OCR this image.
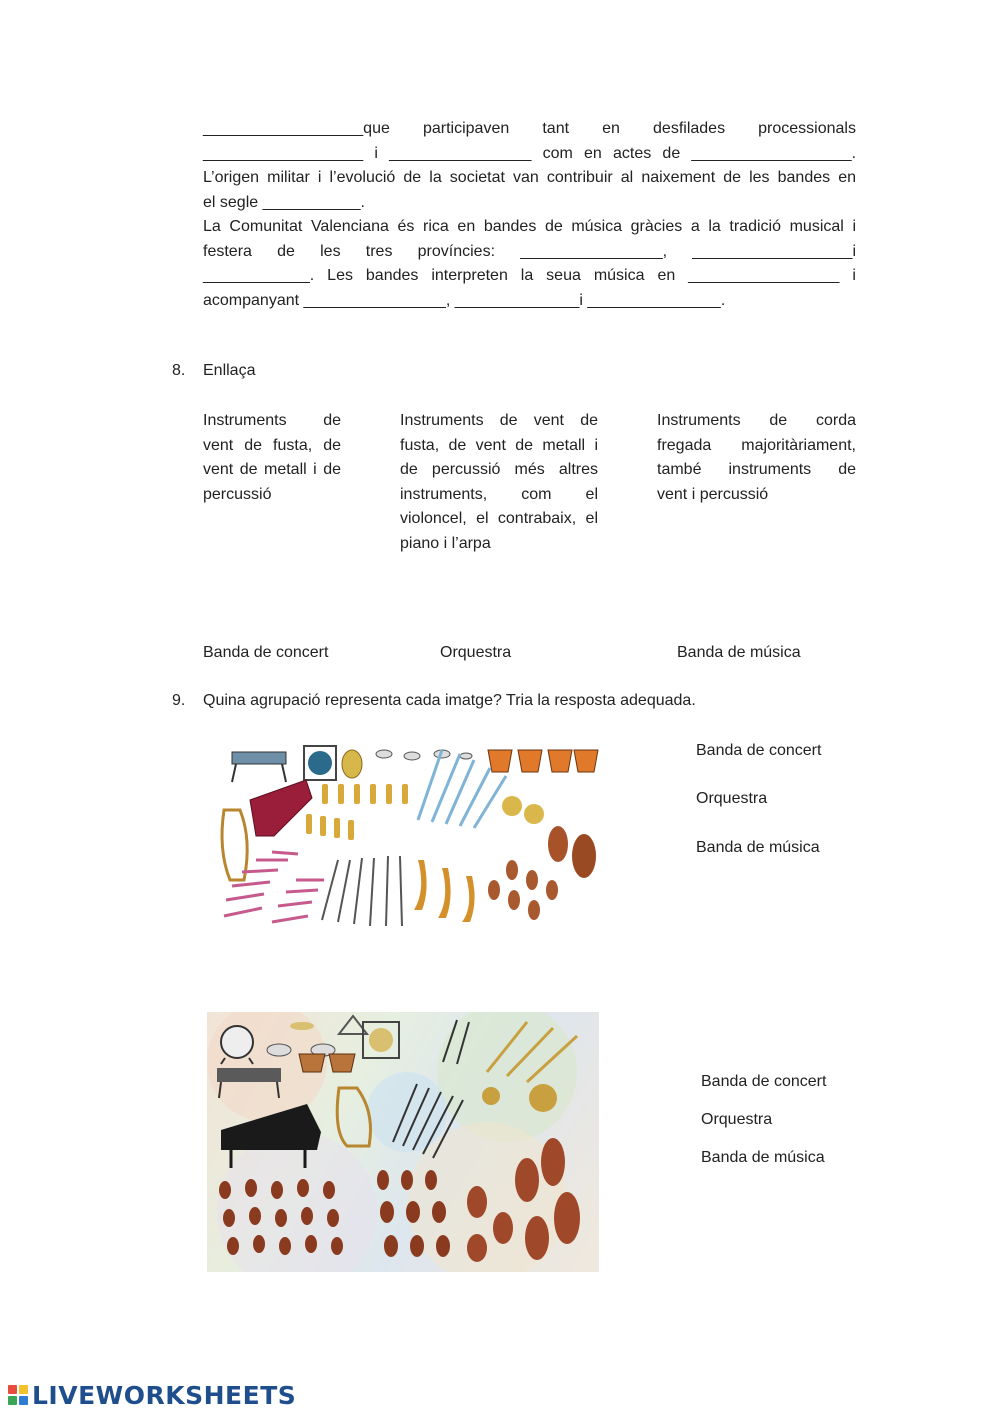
__________________que participaven tant en desfilades processionals
__________________ i ________________ com en actes de __________________.
L’origen militar i l’evolució de la societat van contribuir al naixement de les bandes en
el segle ___________.
La Comunitat Valenciana és rica en bandes de música gràcies a la tradició musical i
festera de les tres províncies: ________________, __________________i
____________. Les bandes interpreten la seua música en _________________ i
acompanyant ________________, ______________i _______________.
8. Enllaça
Instruments de
vent de fusta, de
vent de metall i de
percussió
Instruments de vent de
fusta, de vent de metall i
de percussió més altres
instruments, com el
violoncel, el contrabaix, el
piano i l’arpa
Instruments de corda
fregada majoritàriament,
també instruments de
vent i percussió
Banda de concert	Orquestra	Banda de música
9. Quina agrupació representa cada imatge? Tria la resposta adequada.
Banda de concert
Orquestra
Banda de música
Banda de concert
Orquestra
Banda de música
LIVEWORKSHEETS
